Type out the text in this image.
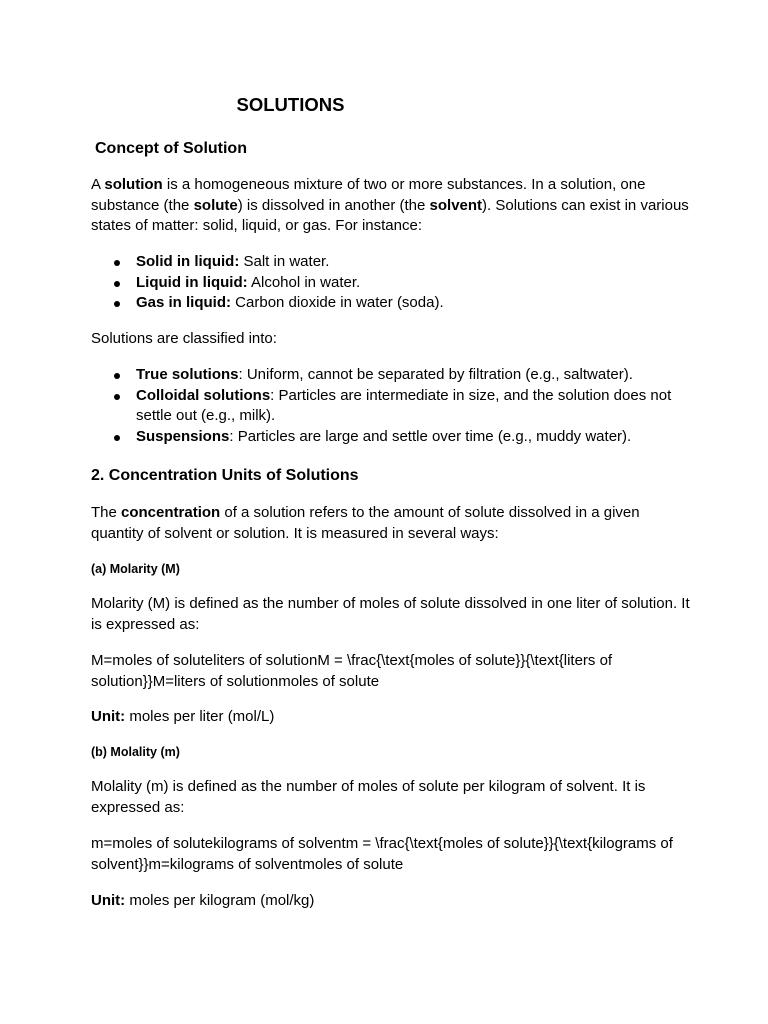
SOLUTIONS
Concept of Solution

A solution is a homogeneous mixture of two or more substances. In a solution, one substance (the solute) is dissolved in another (the solvent). Solutions can exist in various states of matter: solid, liquid, or gas. For instance:

Solid in liquid: Salt in water.
Liquid in liquid: Alcohol in water.
Gas in liquid: Carbon dioxide in water (soda).

Solutions are classified into:

True solutions: Uniform, cannot be separated by filtration (e.g., saltwater).
Colloidal solutions: Particles are intermediate in size, and the solution does not settle out (e.g., milk).
Suspensions: Particles are large and settle over time (e.g., muddy water).
2. Concentration Units of Solutions

The concentration of a solution refers to the amount of solute dissolved in a given quantity of solvent or solution. It is measured in several ways:

(a) Molarity (M)

Molarity (M) is defined as the number of moles of solute dissolved in one liter of solution. It is expressed as:

M=moles of soluteliters of solutionM = \frac{\text{moles of solute}}{\text{liters of solution}}M=liters of solutionmoles of solute

Unit: moles per liter (mol/L)

(b) Molality (m)

Molality (m) is defined as the number of moles of solute per kilogram of solvent. It is expressed as:

m=moles of solutekilograms of solventm = \frac{\text{moles of solute}}{\text{kilograms of solvent}}m=kilograms of solventmoles of solute

Unit: moles per kilogram (mol/kg)
